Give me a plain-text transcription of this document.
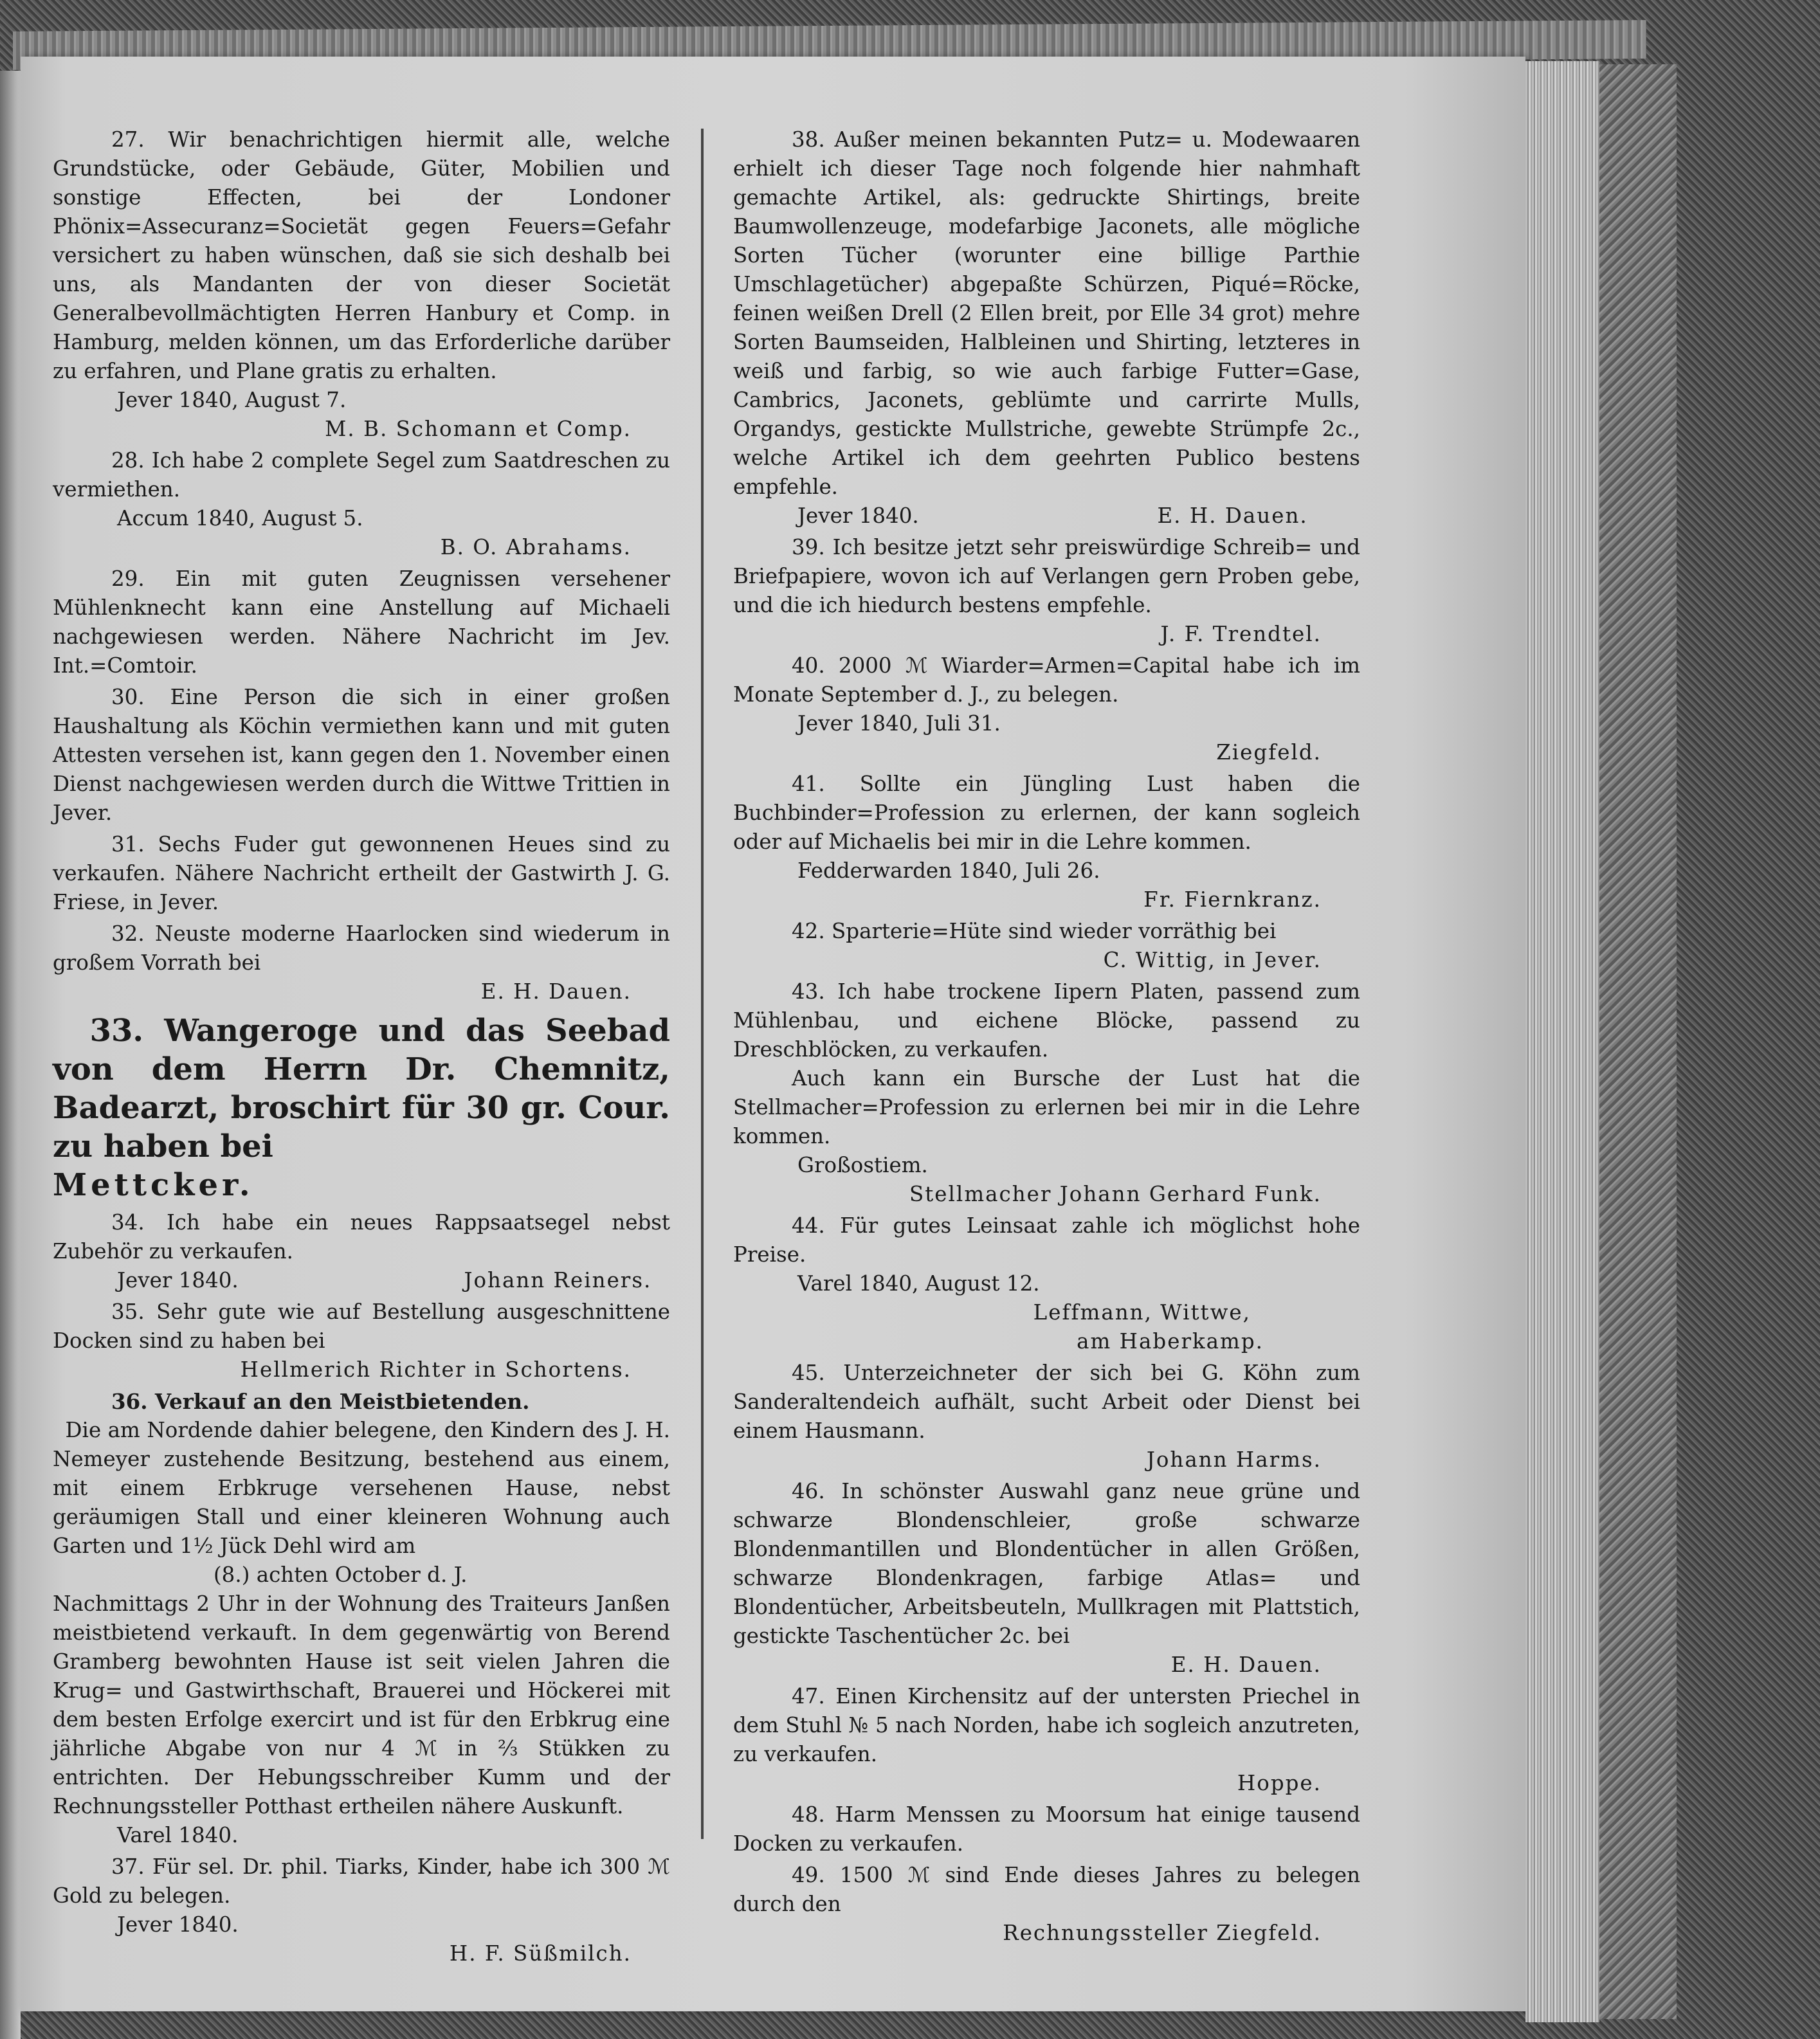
27. Wir benachrichtigen hiermit alle, welche Grundstücke, oder Gebäude, Güter, Mobilien und sonstige Effecten, bei der Londoner Phönix=Assecuranz=Societät gegen Feuers=Gefahr versichert zu haben wünschen, daß sie sich deshalb bei uns, als Mandanten der von dieser Societät Generalbevollmächtigten Herren Hanbury et Comp. in Hamburg, melden können, um das Erforderliche darüber zu erfahren, und Plane gratis zu erhalten.

Jever 1840, August 7.
M. B. Schomann et Comp.

28. Ich habe 2 complete Segel zum Saatdreschen zu vermiethen.

Accum 1840, August 5.
B. O. Abrahams.

29. Ein mit guten Zeugnissen versehener Mühlenknecht kann eine Anstellung auf Michaeli nachgewiesen werden. Nähere Nachricht im Jev. Int.=Comtoir.

30. Eine Person die sich in einer großen Haushaltung als Köchin vermiethen kann und mit guten Attesten versehen ist, kann gegen den 1. November einen Dienst nachgewiesen werden durch die Wittwe Trittien in Jever.

31. Sechs Fuder gut gewonnenen Heues sind zu verkaufen. Nähere Nachricht ertheilt der Gastwirth J. G. Friese, in Jever.

32. Neuste moderne Haarlocken sind wiederum in großem Vorrath bei

E. H. Dauen.

33. Wangeroge und das Seebad von dem Herrn Dr. Chemnitz, Badearzt, broschirt für 30 gr. Cour. zu haben bei

Mettcker.

34. Ich habe ein neues Rappsaatsegel nebst Zubehör zu verkaufen.

Jever 1840.	Johann Reiners.

35. Sehr gute wie auf Bestellung ausgeschnittene Docken sind zu haben bei

Hellmerich Richter in Schortens.

36. Verkauf an den Meistbietenden.

Die am Nordende dahier belegene, den Kindern des J. H. Nemeyer zustehende Besitzung, bestehend aus einem, mit einem Erbkruge versehenen Hause, nebst geräumigen Stall und einer kleineren Wohnung auch Garten und 1½ Jück Dehl wird am

(8.) achten October d. J.

Nachmittags 2 Uhr in der Wohnung des Traiteurs Janßen meistbietend verkauft. In dem gegenwärtig von Berend Gramberg bewohnten Hause ist seit vielen Jahren die Krug= und Gastwirthschaft, Brauerei und Höckerei mit dem besten Erfolge exercirt und ist für den Erbkrug eine jährliche Abgabe von nur 4 ℳ in ⅔ Stükken zu entrichten. Der Hebungsschreiber Kumm und der Rechnungssteller Potthast ertheilen nähere Auskunft.

Varel 1840.

37. Für sel. Dr. phil. Tiarks, Kinder, habe ich 300 ℳ Gold zu belegen.

Jever 1840.
H. F. Süßmilch.

38. Außer meinen bekannten Putz= u. Modewaaren erhielt ich dieser Tage noch folgende hier nahmhaft gemachte Artikel, als: gedruckte Shirtings, breite Baumwollenzeuge, modefarbige Jaconets, alle mögliche Sorten Tücher (worunter eine billige Parthie Umschlagetücher) abgepaßte Schürzen, Piqué=Röcke, feinen weißen Drell (2 Ellen breit, por Elle 34 grot) mehre Sorten Baumseiden, Halbleinen und Shirting, letzteres in weiß und farbig, so wie auch farbige Futter=Gase, Cambrics, Jaconets, geblümte und carrirte Mulls, Organdys, gestickte Mullstriche, gewebte Strümpfe 2c., welche Artikel ich dem geehrten Publico bestens empfehle.

Jever 1840.	E. H. Dauen.

39. Ich besitze jetzt sehr preiswürdige Schreib= und Briefpapiere, wovon ich auf Verlangen gern Proben gebe, und die ich hiedurch bestens empfehle.

J. F. Trendtel.

40. 2000 ℳ Wiarder=Armen=Capital habe ich im Monate September d. J., zu belegen.

Jever 1840, Juli 31.
Ziegfeld.

41. Sollte ein Jüngling Lust haben die Buchbinder=Profession zu erlernen, der kann sogleich oder auf Michaelis bei mir in die Lehre kommen.

Fedderwarden 1840, Juli 26.
Fr. Fiernkranz.

42. Sparterie=Hüte sind wieder vorräthig bei

C. Wittig, in Jever.

43. Ich habe trockene Iipern Platen, passend zum Mühlenbau, und eichene Blöcke, passend zu Dreschblöcken, zu verkaufen.

Auch kann ein Bursche der Lust hat die Stellmacher=Profession zu erlernen bei mir in die Lehre kommen.

Großostiem.
Stellmacher Johann Gerhard Funk.

44. Für gutes Leinsaat zahle ich möglichst hohe Preise.

Varel 1840, August 12.
Leffmann, Wittwe,
am Haberkamp.

45. Unterzeichneter der sich bei G. Köhn zum Sanderaltendeich aufhält, sucht Arbeit oder Dienst bei einem Hausmann.

Johann Harms.

46. In schönster Auswahl ganz neue grüne und schwarze Blondenschleier, große schwarze Blondenmantillen und Blondentücher in allen Größen, schwarze Blondenkragen, farbige Atlas= und Blondentücher, Arbeitsbeuteln, Mullkragen mit Plattstich, gestickte Taschentücher 2c. bei

E. H. Dauen.

47. Einen Kirchensitz auf der untersten Priechel in dem Stuhl № 5 nach Norden, habe ich sogleich anzutreten, zu verkaufen.

Hoppe.

48. Harm Menssen zu Moorsum hat einige tausend Docken zu verkaufen.

49. 1500 ℳ sind Ende dieses Jahres zu belegen durch den

Rechnungssteller Ziegfeld.
